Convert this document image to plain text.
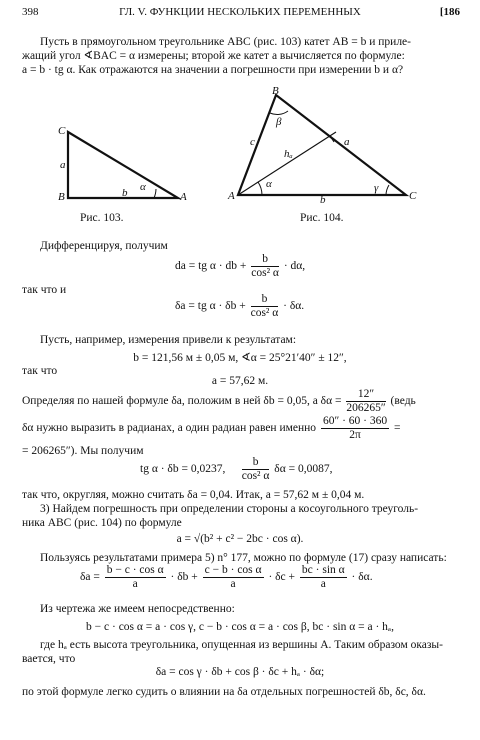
398	ГЛ. V. ФУНКЦИИ НЕСКОЛЬКИХ ПЕРЕМЕННЫХ	[186
Пусть в прямоугольном треугольнике ABC (рис. 103) катет AB = b и приле-
жащий угол ∢BAC = α измерены; второй же катет a вычисляется по формуле:
a = b · tg α. Как отражаются на значении a погрешности при измерении b и α?
C
B	A
a
b α
Рис. 103.
B
A	C
c	a
b
β
γ
α
hₐ
Рис. 104.
Дифференцируя, получим
da = tg α · db + $\frac{b}{\text{cos² α}} \cdot d\alpha$,
так что и
δa = tg $\alpha \cdot \delta b + \frac{b}{\text{cos² α}} \cdot \delta\alpha$.
Пусть, например, измерения привели к результатам:
b = 121,56 м ± 0,05 м, ∢α = 25°21′40″ ± 12″,
так что
a = 57,62 м.
Определяя по нашей формуле δa, положим в ней δb = 0,05, а $\delta\alpha = \frac{12''}{206265''}$ (ведь
δα нужно выразить в радианах, а один радиан равен именно $\frac{60'' \cdot 60 \cdot 360}{2\pi}$ =
= 206265″). Мы получим
tg α · δb = 0,0237, $\frac{b}{\text{cos² α}}$ δα = 0,0087,
так что, округляя, можно считать δa = 0,04. Итак, a = 57,62 м ± 0,04 м.
3) Найдем погрешность при определении стороны a косоугольного треуголь-
ника ABC (рис. 104) по формуле
a = √(b² + c² − 2bc · cos α).
Пользуясь результатами примера 5) n° 177, можно по формуле (17) сразу написать:
$\delta a = \frac{\text{b − c · cos α}}{a} \cdot \delta b + \frac{\text{c − b · cos α}}{a} \cdot \delta c + \frac{\text{bc · sin α}}{a} \cdot \delta\alpha$.
Из чертежа же имеем непосредственно:
b − c · cos α = a · cos γ, c − b · cos α = a · cos β, bc · sin α = a · hₐ,
где hₐ есть высота треугольника, опущенная из вершины A. Таким образом оказы-
вается, что
δa = cos γ · δb + cos β · δc + hₐ · δα;
по этой формуле легко судить о влиянии на δa отдельных погрешностей δb, δc, δα.
